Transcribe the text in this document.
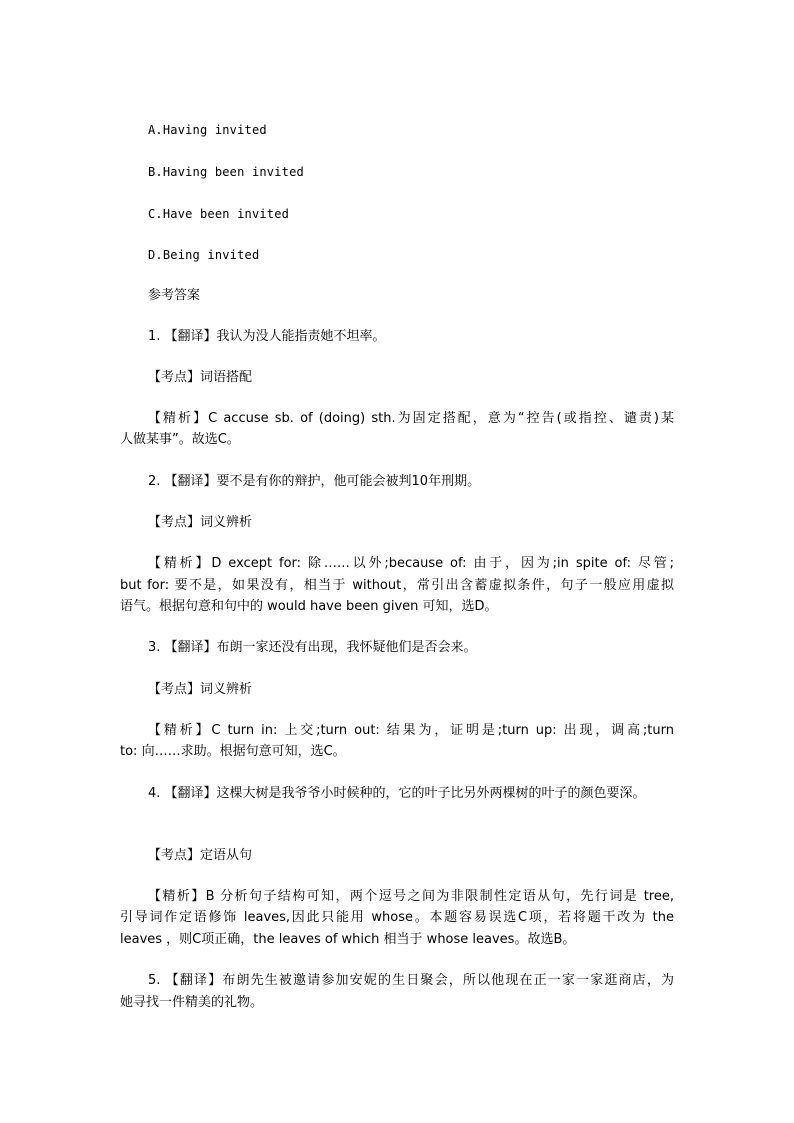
A.Having invited
B.Having been invited
C.Have been invited
D.Being invited
参考答案
1. 【翻译】我认为没人能指责她不坦率。
【考点】词语搭配
【精析】C accuse sb. of (doing) sth.为固定搭配，意为“控告(或指控、谴责)某
人做某事”。故选C。
2. 【翻译】要不是有你的辩护，他可能会被判10年刑期。
【考点】词义辨析
【精析】D except for: 除……以外;because of: 由于，因为;in spite of: 尽管;
but for: 要不是，如果没有，相当于 without，常引出含蓄虚拟条件，句子一般应用虚拟
语气。根据句意和句中的 would have been given 可知，选D。
3. 【翻译】布朗一家还没有出现，我怀疑他们是否会来。
【考点】词义辨析
【精析】C turn in: 上交;turn out: 结果为，证明是;turn up: 出现，调高;turn
to: 向……求助。根据句意可知，选C。
4. 【翻译】这棵大树是我爷爷小时候种的，它的叶子比另外两棵树的叶子的颜色要深。
【考点】定语从句
【精析】B 分析句子结构可知，两个逗号之间为非限制性定语从句，先行词是 tree,
引导词作定语修饰 leaves,因此只能用 whose。本题容易误选C项，若将题干改为 the
leaves ，则C项正确，the leaves of which 相当于 whose leaves。故选B。
5. 【翻译】布朗先生被邀请参加安妮的生日聚会，所以他现在正一家一家逛商店，为
她寻找一件精美的礼物。
